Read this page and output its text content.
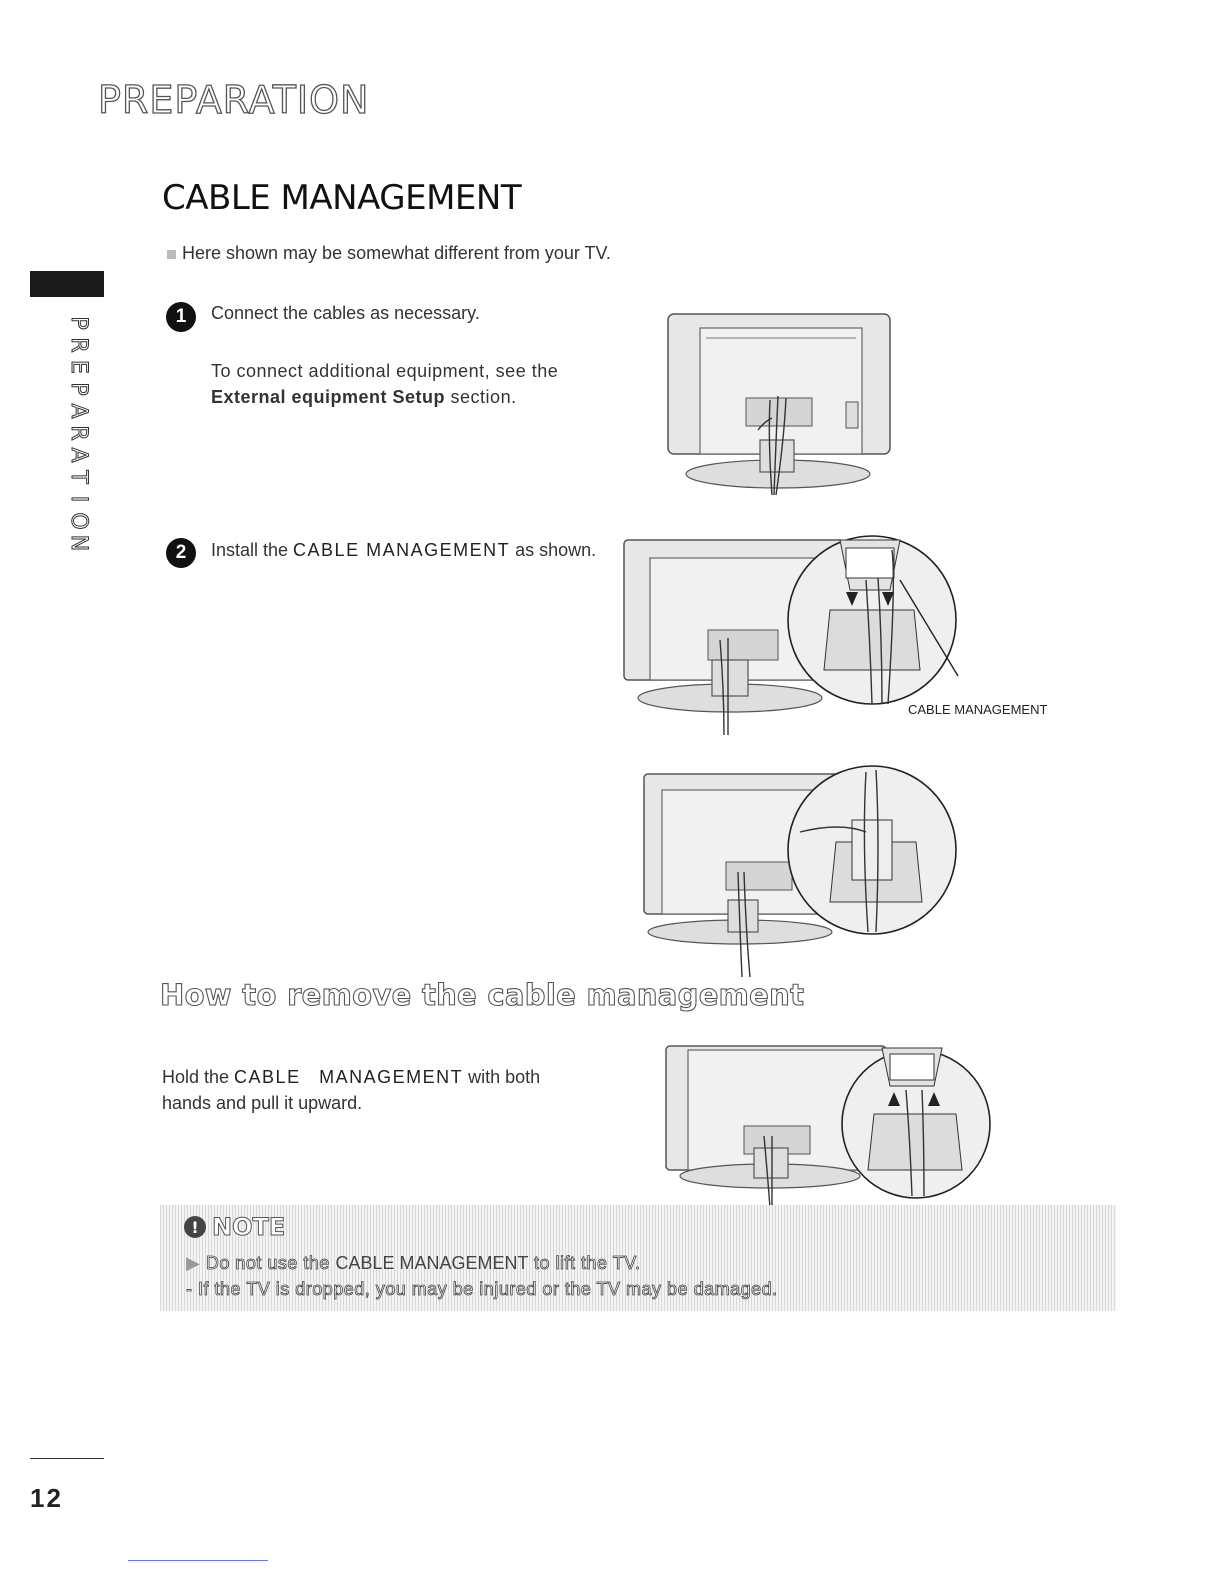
PREPARATION
P
R
E
P
A
R
A
T
I
O
N
CABLE MANAGEMENT
Here shown may be somewhat different from your TV.
1	Connect the cables as necessary.
To connect additional equipment, see the
External equipment Setup section.
2	Install the CABLE MANAGEMENT as shown.
CABLE MANAGEMENT
How to remove the cable management
Hold the CABLE MANAGEMENT with both
hands and pull it upward.
! NOTE
▶ Do not use the CABLE MANAGEMENT to lift the TV.
- If the TV is dropped, you may be injured or the TV may be damaged.
12
